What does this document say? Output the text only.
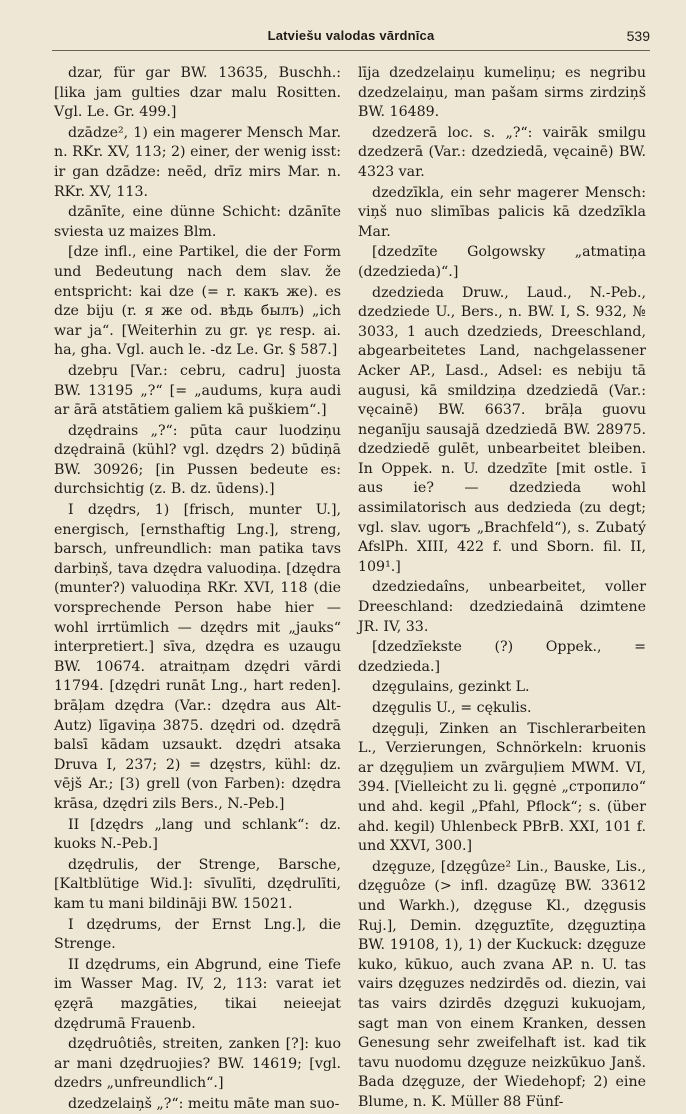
Latviešu valodas vārdnīca	539

dzar, für gar BW. 13635, Buschh.: [lika jam gulties dzar malu Rositten. Vgl. Le. Gr. 499.]

dzādze², 1) ein magerer Mensch Mar. n. RKr. XV, 113; 2) einer, der wenig isst: ir gan dzādze: neēd, drīz mirs Mar. n. RKr. XV, 113.

dzānīte, eine dünne Schicht: dzānīte sviesta uz maizes Blm.

[dze infl., eine Partikel, die der Form und Bedeutung nach dem slav. že entspricht: kai dze (= r. какъ же). es dze biju (r. я же od. вѣдь былъ) „ich war ja“. [Weiterhin zu gr. γε resp. ai. ha, gha. Vgl. auch le. -dz Le. Gr. § 587.]

dzebŗu [Var.: cebru, cadru] juosta BW. 13195 „?“ [= „audums, kuŗa audi ar ārā atstātiem galiem kā puškiem“.]

dzędrains „?“: pūta caur luodziņu dzędrainā (kühl? vgl. dzędrs 2) būdiņā BW. 30926; [in Pussen bedeute es: durchsichtig (z. B. dz. ūdens).]

I dzędrs, 1) [frisch, munter U.], energisch, [ernsthaftig Lng.], streng, barsch, unfreundlich: man patika tavs darbiņš, tava dzędra valuodiņa. [dzędra (munter?) valuodiņa RKr. XVI, 118 (die vorsprechende Person habe hier — wohl irrtümlich — dzędrs mit „jauks“ interpretiert.] sīva, dzędra es uzaugu BW. 10674. atraitņam dzędri vārdi 11794. [dzędri runāt Lng., hart reden]. brāļam dzędra (Var.: dzędra aus Alt-Autz) līgaviņa 3875. dzędri od. dzędrā balsī kādam uzsaukt. dzędri atsaka Druva I, 237; 2) = dzęstrs, kühl: dz. vējš Ar.; [3) grell (von Farben): dzędra krāsa, dzędri zils Bers., N.-Peb.]

II [dzędrs „lang und schlank“: dz. kuoks N.-Peb.]

dzędrulis, der Strenge, Barsche, [Kaltblütige Wid.]: sīvulīti, dzędrulīti, kam tu mani bildināji BW. 15021.

I dzędrums, der Ernst Lng.], die Strenge.

II dzędrums, ein Abgrund, eine Tiefe im Wasser Mag. IV, 2, 113: varat iet ęzęrā mazgāties, tikai neieejat dzędrumā Frauenb.

dzędruôtiês, streiten, zanken [?]: kuo ar mani dzędruojies? BW. 14619; [vgl. dzedrs „unfreundlich“.]

dzedzelaiņš „?“: meitu māte man suo-

līja dzedzelaiņu kumeliņu; es negribu dzedzelaiņu, man pašam sirms zirdziņš BW. 16489.

dzedzerā loc. s. „?“: vairāk smilgu dzedzerā (Var.: dzedziedā, vęcainē) BW. 4323 var.

dzedzīkla, ein sehr magerer Mensch: viņš nuo slimības palicis kā dzedzīkla Mar.

[dzedzīte Golgowsky „atmatiņa (dzedzieda)“.]

dzedzieda Druw., Laud., N.-Peb., dzedziede U., Bers., n. BW. I, S. 932, № 3033, 1 auch dzedzieds, Dreeschland, abgearbeitetes Land, nachgelassener Acker AP., Lasd., Adsel: es nebiju tā augusi, kā smildziņa dzedziedā (Var.: vęcainē) BW. 6637. brāļa guovu neganīju sausajā dzedziedā BW. 28975. dzedziedē gulēt, unbearbeitet bleiben. In Oppek. n. U. dzedzīte [mit ostle. ī aus ie? — dzedzieda wohl assimilatorisch aus dedzieda (zu degt; vgl. slav. ugorъ „Brachfeld“), s. Zubatý AfslPh. XIII, 422 f. und Sborn. fil. II, 109¹.]

dzedziedaîns, unbearbeitet, voller Dreeschland: dzedziedainā dzimtene JR. IV, 33.

[dzedzīekste (?) Oppek., = dzedzieda.]

dzęgulains, gezinkt L.

dzęgulis U., = cękulis.

dzęguļi, Zinken an Tischlerarbeiten L., Verzierungen, Schnörkeln: kruonis ar dzęguļiem un zvārguļiem MWM. VI, 394. [Vielleicht zu li. gęgnė „стропило“ und ahd. kegil „Pfahl, Pflock“; s. (über ahd. kegil) Uhlenbeck PBrB. XXI, 101 f. und XXVI, 300.]

dzęguze, [dzęgûze² Lin., Bauske, Lis., dzęguôze (> infl. dzagūzę BW. 33612 und Warkh.), dzęguse Kl., dzęgusis Ruj.], Demin. dzęguztīte, dzęguztiņa BW. 19108, 1), 1) der Kuckuck: dzęguze kuko, kūkuo, auch zvana AP. n. U. tas vairs dzęguzes nedzirdēs od. diezin, vai tas vairs dzirdēs dzęguzi kukuojam, sagt man von einem Kranken, dessen Genesung sehr zweifelhaft ist. kad tik tavu nuodomu dzęguze neizkūkuo Janš. Bada dzęguze, der Wiedehopf; 2) eine Blume, n. K. Müller 88 Fünf-
